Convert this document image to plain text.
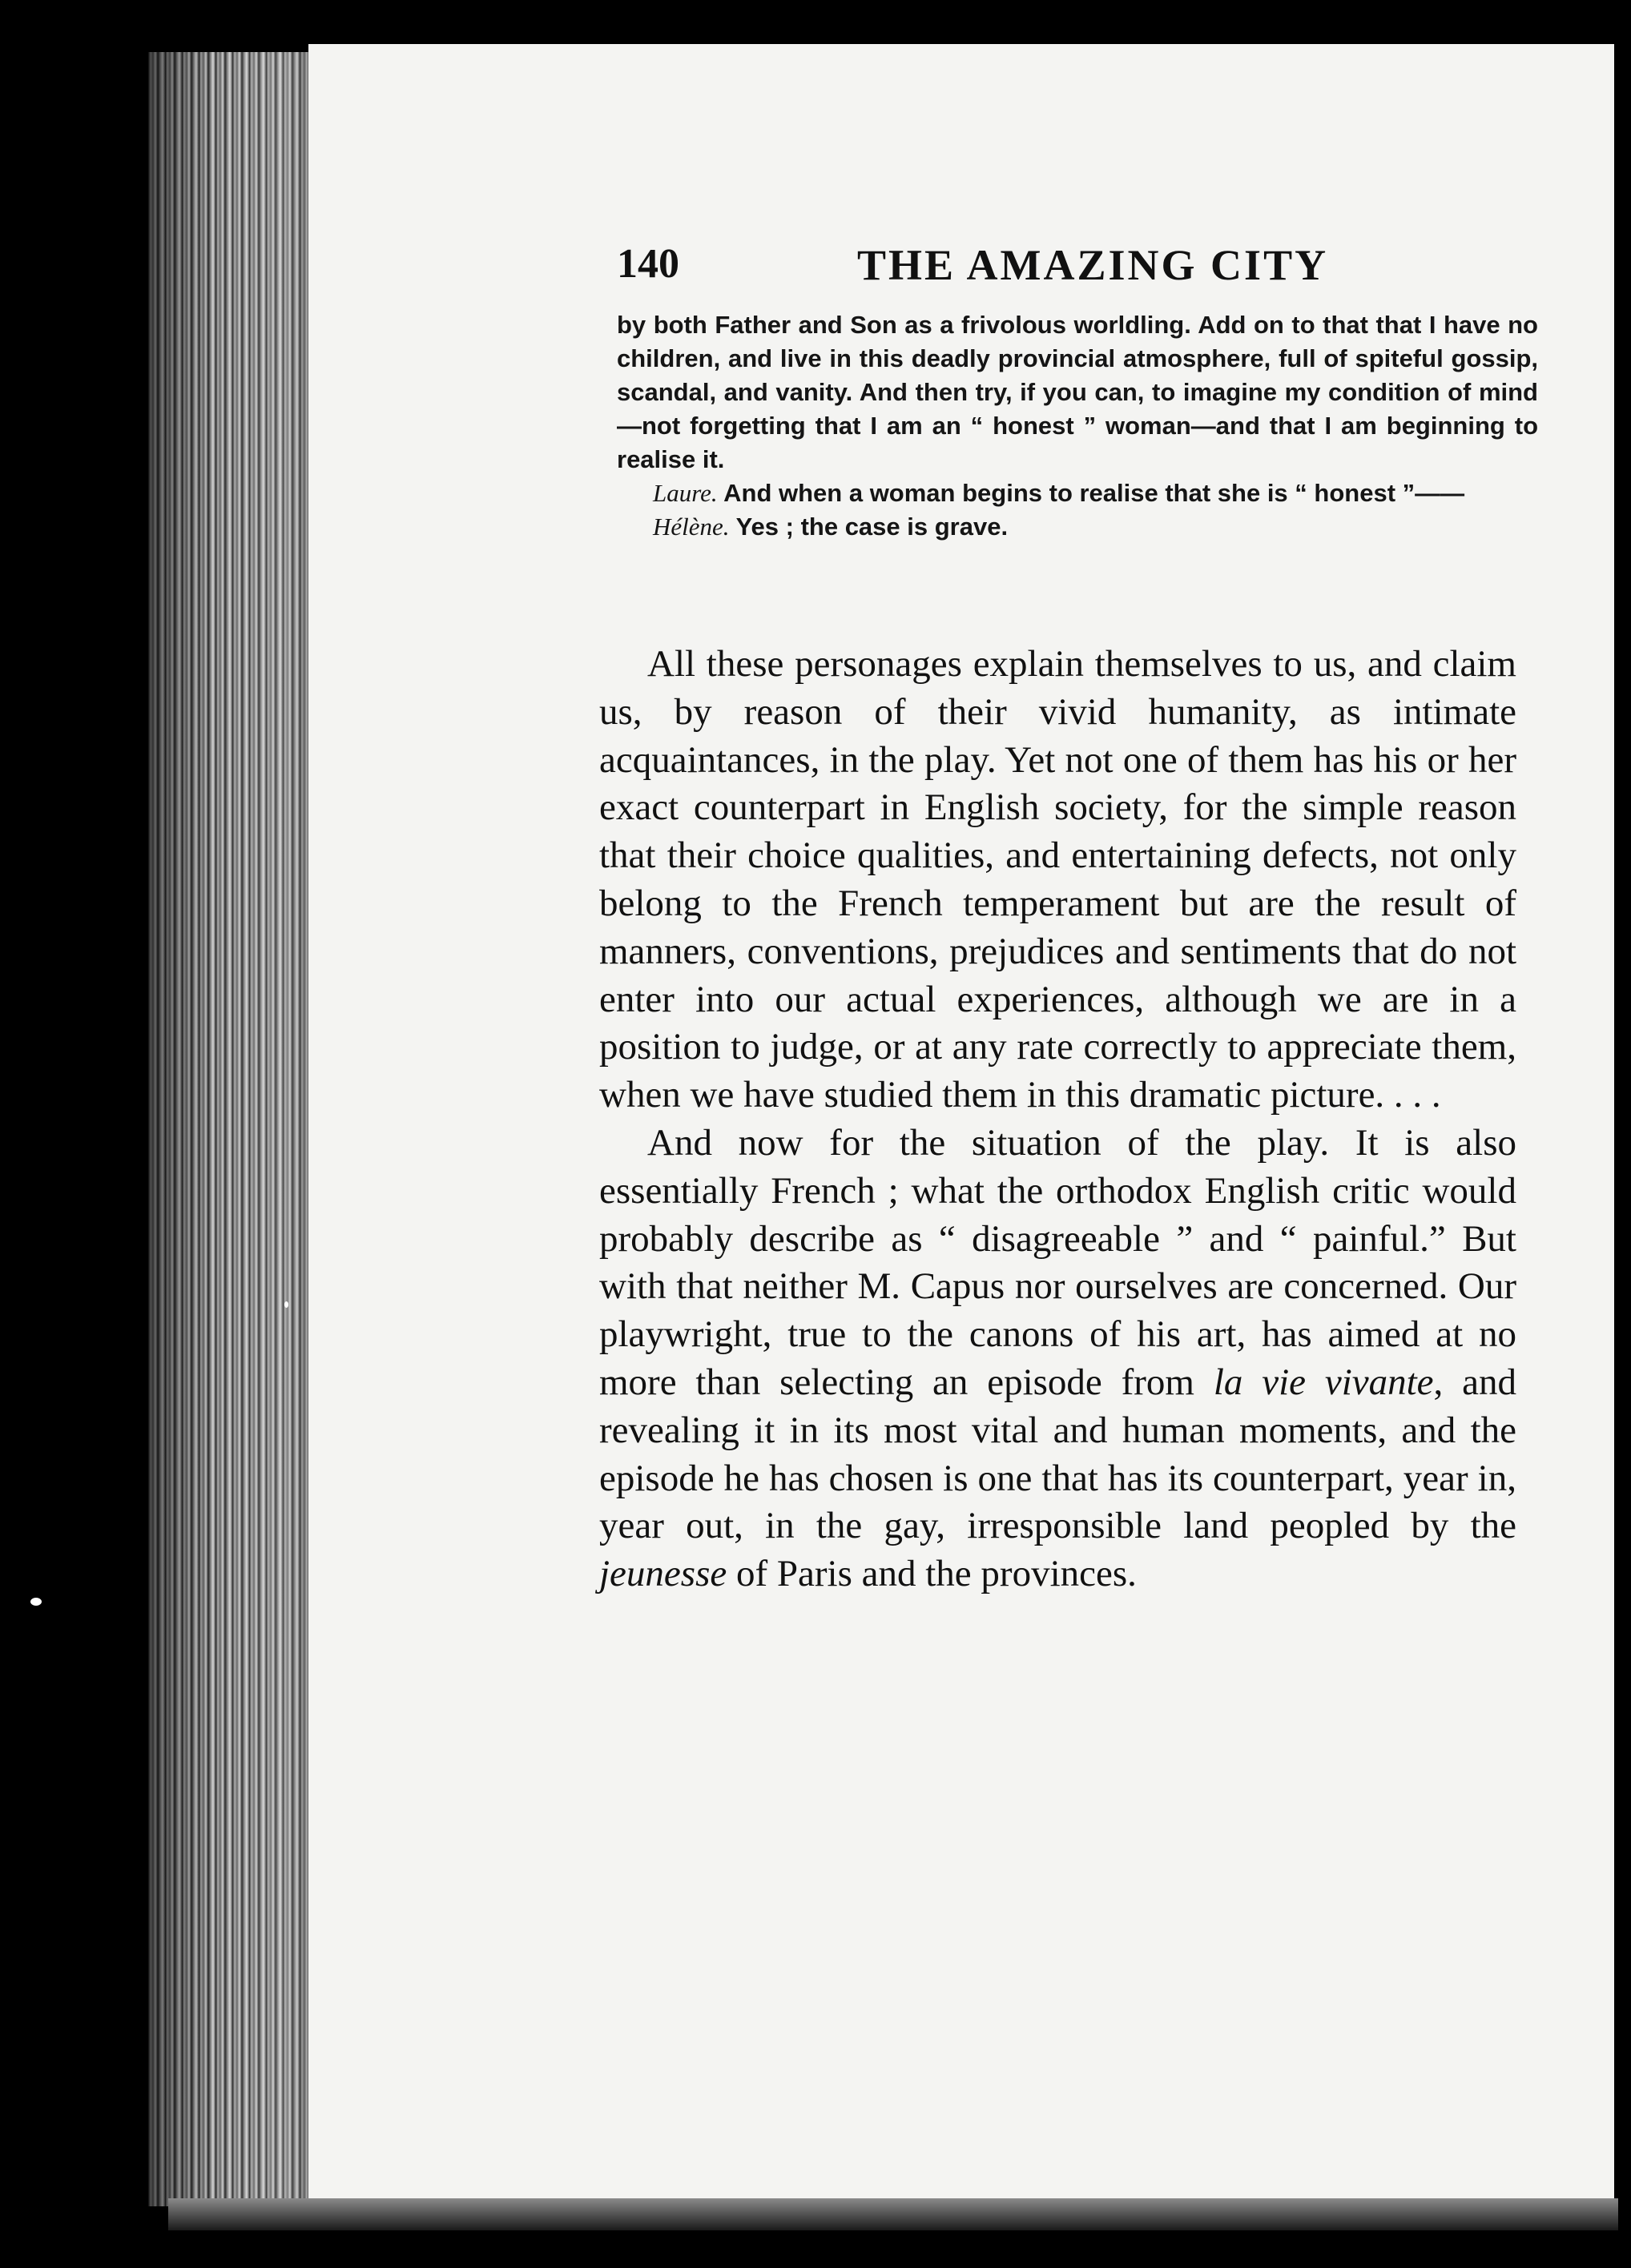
140	THE AMAZING CITY

by both Father and Son as a frivolous worldling. Add on to that that I have no children, and live in this deadly provincial atmosphere, full of spiteful gossip, scandal, and vanity. And then try, if you can, to imagine my condition of mind—not forgetting that I am an “ honest ” woman—and that I am beginning to realise it.

Laure. And when a woman begins to realise that she is “ honest ”——

Hélène. Yes ; the case is grave.

All these personages explain themselves to us, and claim us, by reason of their vivid humanity, as intimate acquaintances, in the play. Yet not one of them has his or her exact counterpart in English society, for the simple reason that their choice qualities, and entertaining defects, not only belong to the French temperament but are the result of manners, conventions, prejudices and sentiments that do not enter into our actual experiences, although we are in a position to judge, or at any rate correctly to appreciate them, when we have studied them in this dramatic picture. . . .

And now for the situation of the play. It is also essentially French ; what the orthodox English critic would probably describe as “ disagreeable ” and “ painful.” But with that neither M. Capus nor ourselves are concerned. Our playwright, true to the canons of his art, has aimed at no more than selecting an episode from la vie vivante, and revealing it in its most vital and human moments, and the episode he has chosen is one that has its counterpart, year in, year out, in the gay, irresponsible land peopled by the jeunesse of Paris and the provinces.
